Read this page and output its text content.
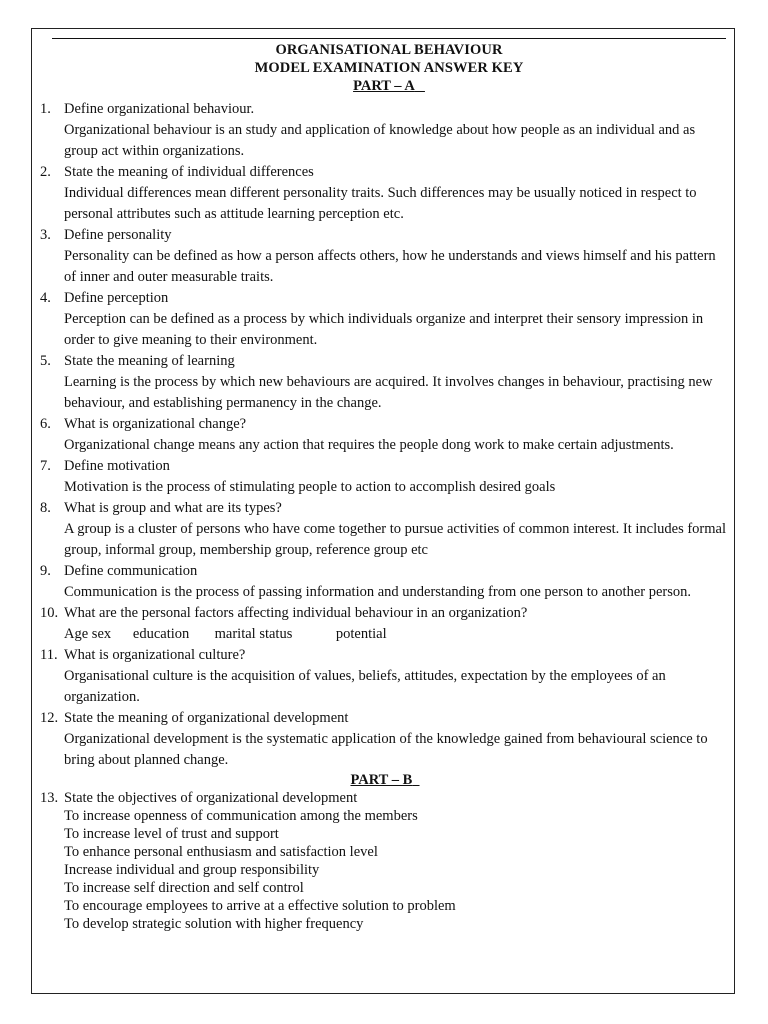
ORGANISATIONAL BEHAVIOUR
MODEL EXAMINATION ANSWER KEY
PART – A
1. Define organizational behaviour.
Organizational behaviour is an study and application of knowledge about how people as an individual and as group act within organizations.
2. State the meaning of individual differences
Individual differences mean different personality traits. Such differences may be usually noticed in respect to personal attributes such as attitude learning perception etc.
3. Define personality
Personality can be defined as how a person affects others, how he understands and views himself and his pattern of inner and outer measurable traits.
4. Define perception
Perception can be defined as a process by which individuals organize and interpret their sensory impression in order to give meaning to their environment.
5. State the meaning of learning
Learning is the process by which new behaviours are acquired. It involves changes in behaviour, practising new behaviour, and establishing permanency in the change.
6. What is organizational change?
Organizational change means any action that requires the people dong work to make certain adjustments.
7. Define motivation
Motivation is the process of stimulating people to action to accomplish desired goals
8. What is group and what are its types?
A group is a cluster of persons who have come together to pursue activities of common interest. It includes formal group, informal group, membership group, reference group etc
9. Define communication
Communication is the process of passing information and understanding from one person to another person.
10. What are the personal factors affecting individual behaviour in an organization?
Age sex education marital status	potential
11. What is organizational culture?
Organisational culture is the acquisition of values, beliefs, attitudes, expectation by the employees of an organization.
12. State the meaning of organizational development
Organizational development is the systematic application of the knowledge gained from behavioural science to bring about planned change.
PART – B
13. State the objectives of organizational development
To increase openness of communication among the members
To increase level of trust and support
To enhance personal enthusiasm and satisfaction level
Increase individual and group responsibility
To increase self direction and self control
To encourage employees to arrive at a effective solution to problem
To develop strategic solution with higher frequency
